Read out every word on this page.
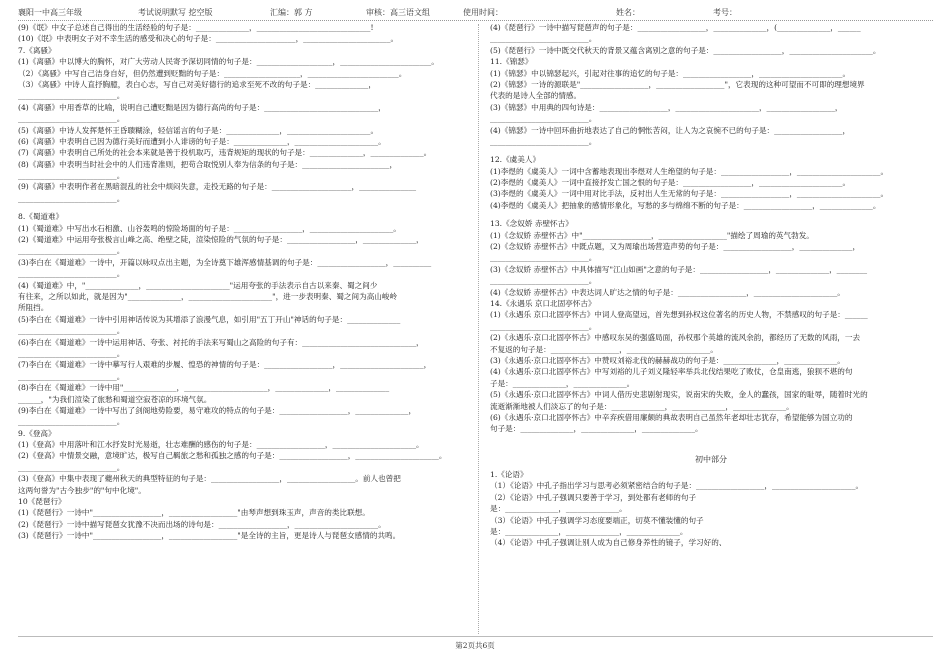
襄阳一中高三年级	考试说明默写 挖空版	汇编：郭 方	审核：高三语文组	使用时间：	姓名：	考号：
(9)《氓》中女子总述自己得出的生活经验的句子是：______________，______________________________!
(10)《氓》中表明女子对不幸生活的感受和决心的句子是：_____________________，_______________________。
7.《离骚》
(1)《离骚》中以博大的胸怀，对广大劳动人民寄予深切同情的句子是：____________________，________________________。
（2）《离骚》中写自己洁身自好，但仍然遭到贬黜的句子是：____________________，________________________。
（3）《离骚》中诗人直抒胸臆，表白心志，写自己对美好德行的追求至死不改的句子是：______________，
__________________________。
(4)《离骚》中用香草的比喻，说明自己遭贬黜是因为德行高尚的句子是：______________________________，
__________________________。
(5)《离骚》中诗人发挥楚怀王昏聩糊涂，轻信谣言的句子是：______________，______________________。
(6)《离骚》中表明自己因为德行美好而遭到小人诽谤的句子是：______________，______________________。
(7)《离骚》中表明自己所处的社会本来就是善于投机取巧，违背规矩的现状的句子是：______________，______________。
(8)《离骚》中表明当时社会中的人们违背准则，把苟合取悦别人奉为信条的句子是：_______________________，
__________________________。
(9)《离骚》中表明作者在黑暗混乱的社会中烦闷失意，走投无路的句子是：_____________________，_______________
__________________________。
8.《蜀道难》
(1)《蜀道难》中写出水石相激、山谷轰鸣的惊险场面的句子是：__________________，______________________。
(2)《蜀道难》中运用夸张极言山峰之高、绝壁之陡，渲染惊险的气氛的句子是：__________________，______________，
__________________________。
(3)李白在《蜀道难》一诗中，开篇以咏叹点出主题，为全诗奠下雄浑感情基调的句子是：__________________，__________
__________________________。
(4)《蜀道难》中，"______________，______________________"运用夸张的手法表示自古以来秦、蜀之间少
有往来，之所以如此，就是因为"______________，______________________"，进一步表明秦、蜀之间为高山峻岭
所阻挡。
(5)李白在《蜀道难》一诗中引用神话传说为其增添了浪漫气息，如引用"五丁开山"神话的句子是：______________
__________________________。
(6)李白在《蜀道难》一诗中运用神话、夸张、衬托的手法来写蜀山之高险的句子有：______________________________，
__________________________。
(7)李白在《蜀道难》一诗中摹写行人艰难的步履、惶恐的神情的句子是：__________________，______________________，
__________________________。
(8)李白在《蜀道难》一诗中用"______________，______________________，______________，______________
______，"为我们渲染了旅愁和蜀道空寂苍凉的环境气氛。
(9)李白在《蜀道难》一诗中写出了剑阁地势险要，易守难攻的特点的句子是：__________________，______________，
__________________________。
9.《登高》
(1)《登高》中用落叶和江水抒发时光易逝，壮志难酬的感伤的句子是：__________________，______________________。
(2)《登高》中情景交融，意境旷达，极写自己羁旅之愁和孤独之感的句子是：__________________，______________________。
__________________________。
(3)《登高》中集中表现了夔州秋天的典型特征的句子是：__________________，__________________。前人也曾把
这两句誉为"古今独步"的"句中化境"。
10《琵琶行》
(1)《琵琶行》一诗中"__________________，__________________"由琴声想到珠玉声，声音的类比联想。
(2)《琵琶行》一诗中描写琵琶女犹豫不决而出场的诗句是：__________________，______________________。
(3)《琵琶行》一诗中"__________________，__________________"是全诗的主旨，更是诗人与琵琶女感情的共鸣。
(4)《琵琶行》一诗中描写琵琶声的句子是：__________________，______________，(______________，______
__________________________。
(5)《琵琶行》一诗中既交代秋天的背景又蕴含离别之意的句子是：__________________，______________________。
11.《锦瑟》
(1)《锦瑟》中以锦瑟起兴，引起对往事的追忆的句子是：__________________，______________________。
(2)《锦瑟》一诗的源联是"__________________，__________________"，它表现的这种可望而不可即的理想境界
代表的是诗人全部的情感。
(3)《锦瑟》中用典的四句诗是：__________________，______________________，__________________，
__________________________。
(4)《锦瑟》一诗中回环曲折地表达了自己的惘怅苦闷，让人为之哀惋不已的句子是：__________________，
__________________________。
12.《虞美人》
(1)李煜的《虞美人》一词中含蓄地表现出李煜对人生绝望的句子是：__________________，______________________。
(2)李煜的《虞美人》一词中直接抒发亡国之恨的句子是：__________________，______________________。
(3)李煜的《虞美人》一词中用对比手法，反衬出人生无常的句子是：__________________，______________________。
(4)李煜的《虞美人》把抽象的感情形象化，写愁的多与绵绵不断的句子是：__________________，______________。
13.《念奴娇 赤壁怀古》
(1)《念奴娇 赤壁怀古》中"__________________，__________________"描绘了周瑜的英气勃发。
(2)《念奴娇 赤壁怀古》中既点题，又为周瑜出场营造声势的句子是：__________________，______________，
__________________________。
(3)《念奴娇 赤壁怀古》中具体描写"江山如画"之意的句子是：__________________，______________，________
__________________________。
(4)《念奴娇 赤壁怀古》中表达词人旷达之情的句子是：__________________，______________________。
14.《永遇乐 京口北固亭怀古》
(1)《永遇乐 京口北固亭怀古》中词人登高望远，首先想到孙权这位著名的历史人物，不禁感叹的句子是：______
__________________________。
(2)《永遇乐·京口北固亭怀古》中感叹东吴的强盛局面，孙权那个英雄的流风余韵，都经历了无数的风雨，一去
不复返的句子是：__________________，______________________。
(3)《永遇乐·京口北固亭怀古》中赞叹刘裕北伐的赫赫战功的句子是：______________，______________。
(4)《永遇乐·京口北固亭怀古》中写刘裕的儿子刘义隆轻率举兵北伐结果吃了败仗，仓皇南逃，狼狈不堪的句
子是：______________，______________。
(5)《永遇乐·京口北固亭怀古》中词人借历史悲剧射现实，说南宋的失败，金人的蠢孩，国家的耻辱，随着时光的
流逝渐渐地被人们淡忘了的句子是：______________，______________，______________。
(6)《永遇乐·京口北固亭怀古》中辛弃疾借用廉颇的典故表明自己虽然年老却壮志犹存，希望能够为国立功的
句子是：______________，______________，______________。
初中部分
1.《论语》
（1）《论语》中孔子指出学习与思考必须紧密结合的句子是：__________________，______________________。
（2）《论语》中孔子强调只要善于学习，到处都有老师的句子
是：______________，______________。
（3）《论语》中孔子强调学习态度要端正，切莫不懂装懂的句子
是：______________，______________，______________。
（4）《论语》中孔子强调让别人成为自己修身养性的镜子，学习好的、
第2页共6页
